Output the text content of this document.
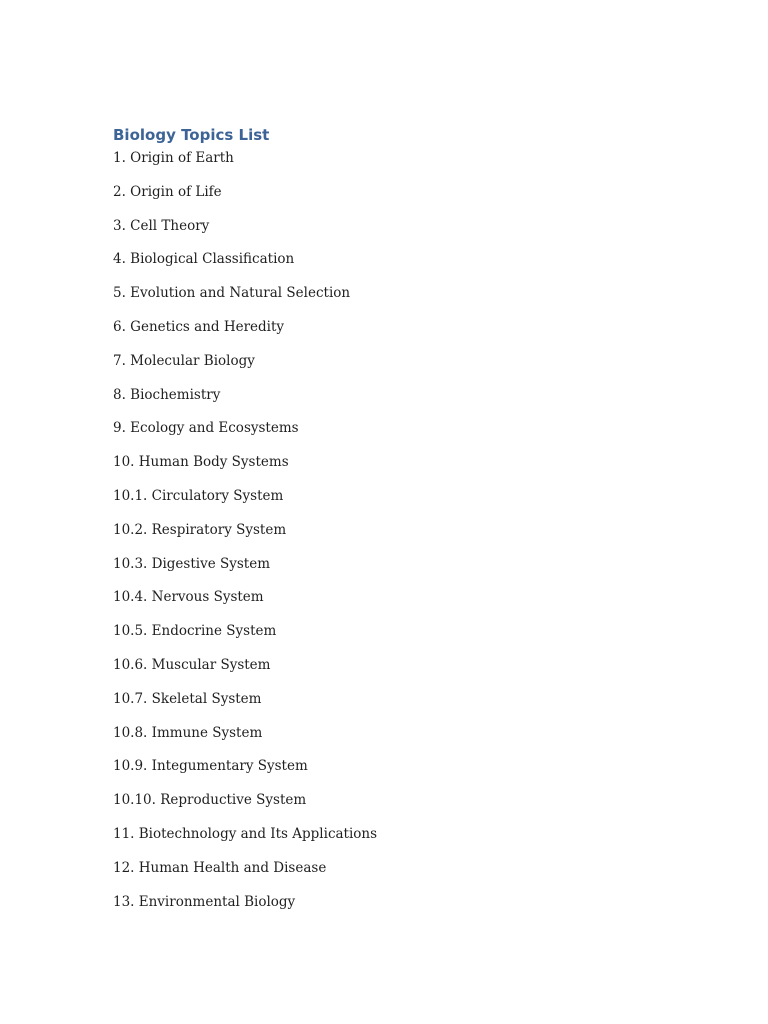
Biology Topics List
1. Origin of Earth
2. Origin of Life
3. Cell Theory
4. Biological Classification
5. Evolution and Natural Selection
6. Genetics and Heredity
7. Molecular Biology
8. Biochemistry
9. Ecology and Ecosystems
10. Human Body Systems
10.1. Circulatory System
10.2. Respiratory System
10.3. Digestive System
10.4. Nervous System
10.5. Endocrine System
10.6. Muscular System
10.7. Skeletal System
10.8. Immune System
10.9. Integumentary System
10.10. Reproductive System
11. Biotechnology and Its Applications
12. Human Health and Disease
13. Environmental Biology
